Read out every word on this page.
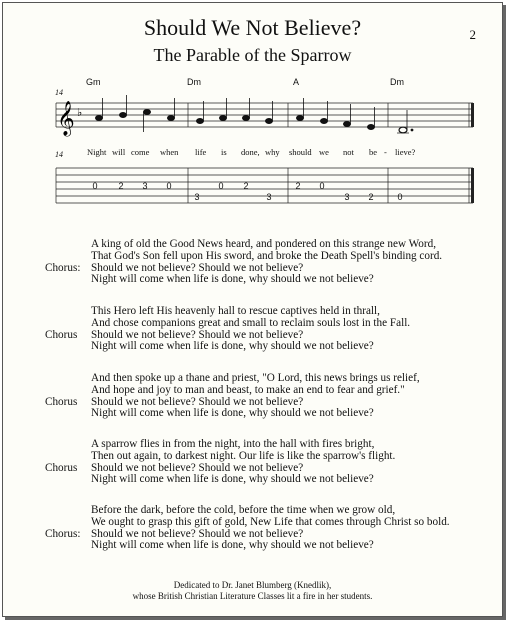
Should We Not Believe?
The Parable of the Sparrow
2
Gm	Dm	A	Dm
14
14
𝄞 ♭
0 2 3 0
3
0 2
3
2 0
3 2	0
Night will come when life is done, why should we not be - lieve?
A king of old the Good News heard, and pondered on this strange new Word,
That God's Son fell upon His sword, and broke the Death Spell's binding cord.
Chorus: Should we not believe? Should we not believe?
Night will come when life is done, why should we not believe?
This Hero left His heavenly hall to rescue captives held in thrall,
And chose companions great and small to reclaim souls lost in the Fall.
Chorus Should we not believe? Should we not believe?
Night will come when life is done, why should we not believe?
And then spoke up a thane and priest, "O Lord, this news brings us relief,
And hope and joy to man and beast, to make an end to fear and grief."
Chorus Should we not believe? Should we not believe?
Night will come when life is done, why should we not believe?
A sparrow flies in from the night, into the hall with fires bright,
Then out again, to darkest night. Our life is like the sparrow's flight.
Chorus Should we not believe? Should we not believe?
Night will come when life is done, why should we not believe?
Before the dark, before the cold, before the time when we grow old,
We ought to grasp this gift of gold, New Life that comes through Christ so bold.
Chorus: Should we not believe? Should we not believe?
Night will come when life is done, why should we not believe?
Dedicated to Dr. Janet Blumberg (Knedlik),
whose British Christian Literature Classes lit a fire in her students.
